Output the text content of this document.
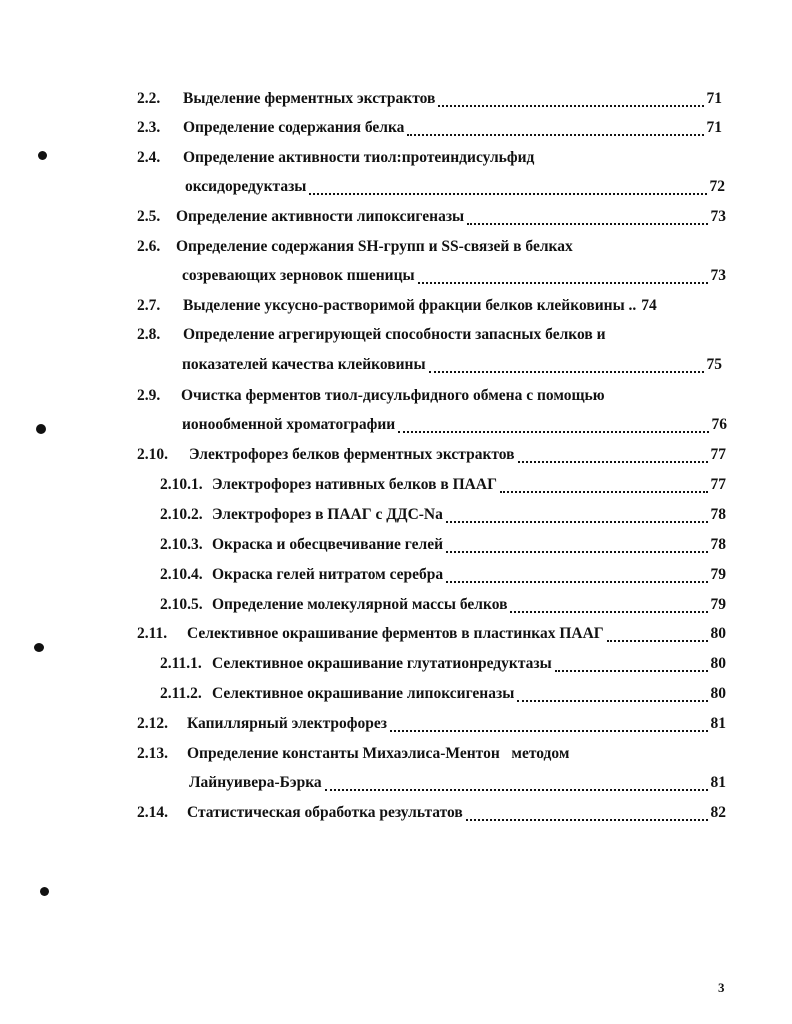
2.2.	Выделение ферментных экстрактов	71
2.3.	Определение содержания белка	71
2.4.	Определение активности тиол:протеиндисульфид
оксидоредуктазы	72
2.5.	Определение активности липоксигеназы	73
2.6.	Определение содержания SH-групп и SS-связей в белках
созревающих зерновок пшеницы	73
2.7.	Выделение уксусно-растворимой фракции белков клейковины .. 74
2.8.	Определение агрегирующей способности запасных белков и
показателей качества клейковины	75
2.9.	Очистка ферментов тиол-дисульфидного обмена с помощью
ионообменной хроматографии	76
2.10.	Электрофорез белков ферментных экстрактов	77
2.10.1. Электрофорез нативных белков в ПААГ	77
2.10.2. Электрофорез в ПААГ с ДДС-Na	78
2.10.3. Окраска и обесцвечивание гелей	78
2.10.4. Окраска гелей нитратом серебра	79
2.10.5. Определение молекулярной массы белков	79
2.11.	Селективное окрашивание ферментов в пластинках ПААГ	80
2.11.1. Селективное окрашивание глутатионредуктазы	80
2.11.2. Селективное окрашивание липоксигеназы	80
2.12.	Капиллярный электрофорез	81
2.13.	Определение константы Михаэлиса-Ментон   методом
Лайнуивера-Бэрка	81
2.14.	Статистическая обработка результатов	82
3
